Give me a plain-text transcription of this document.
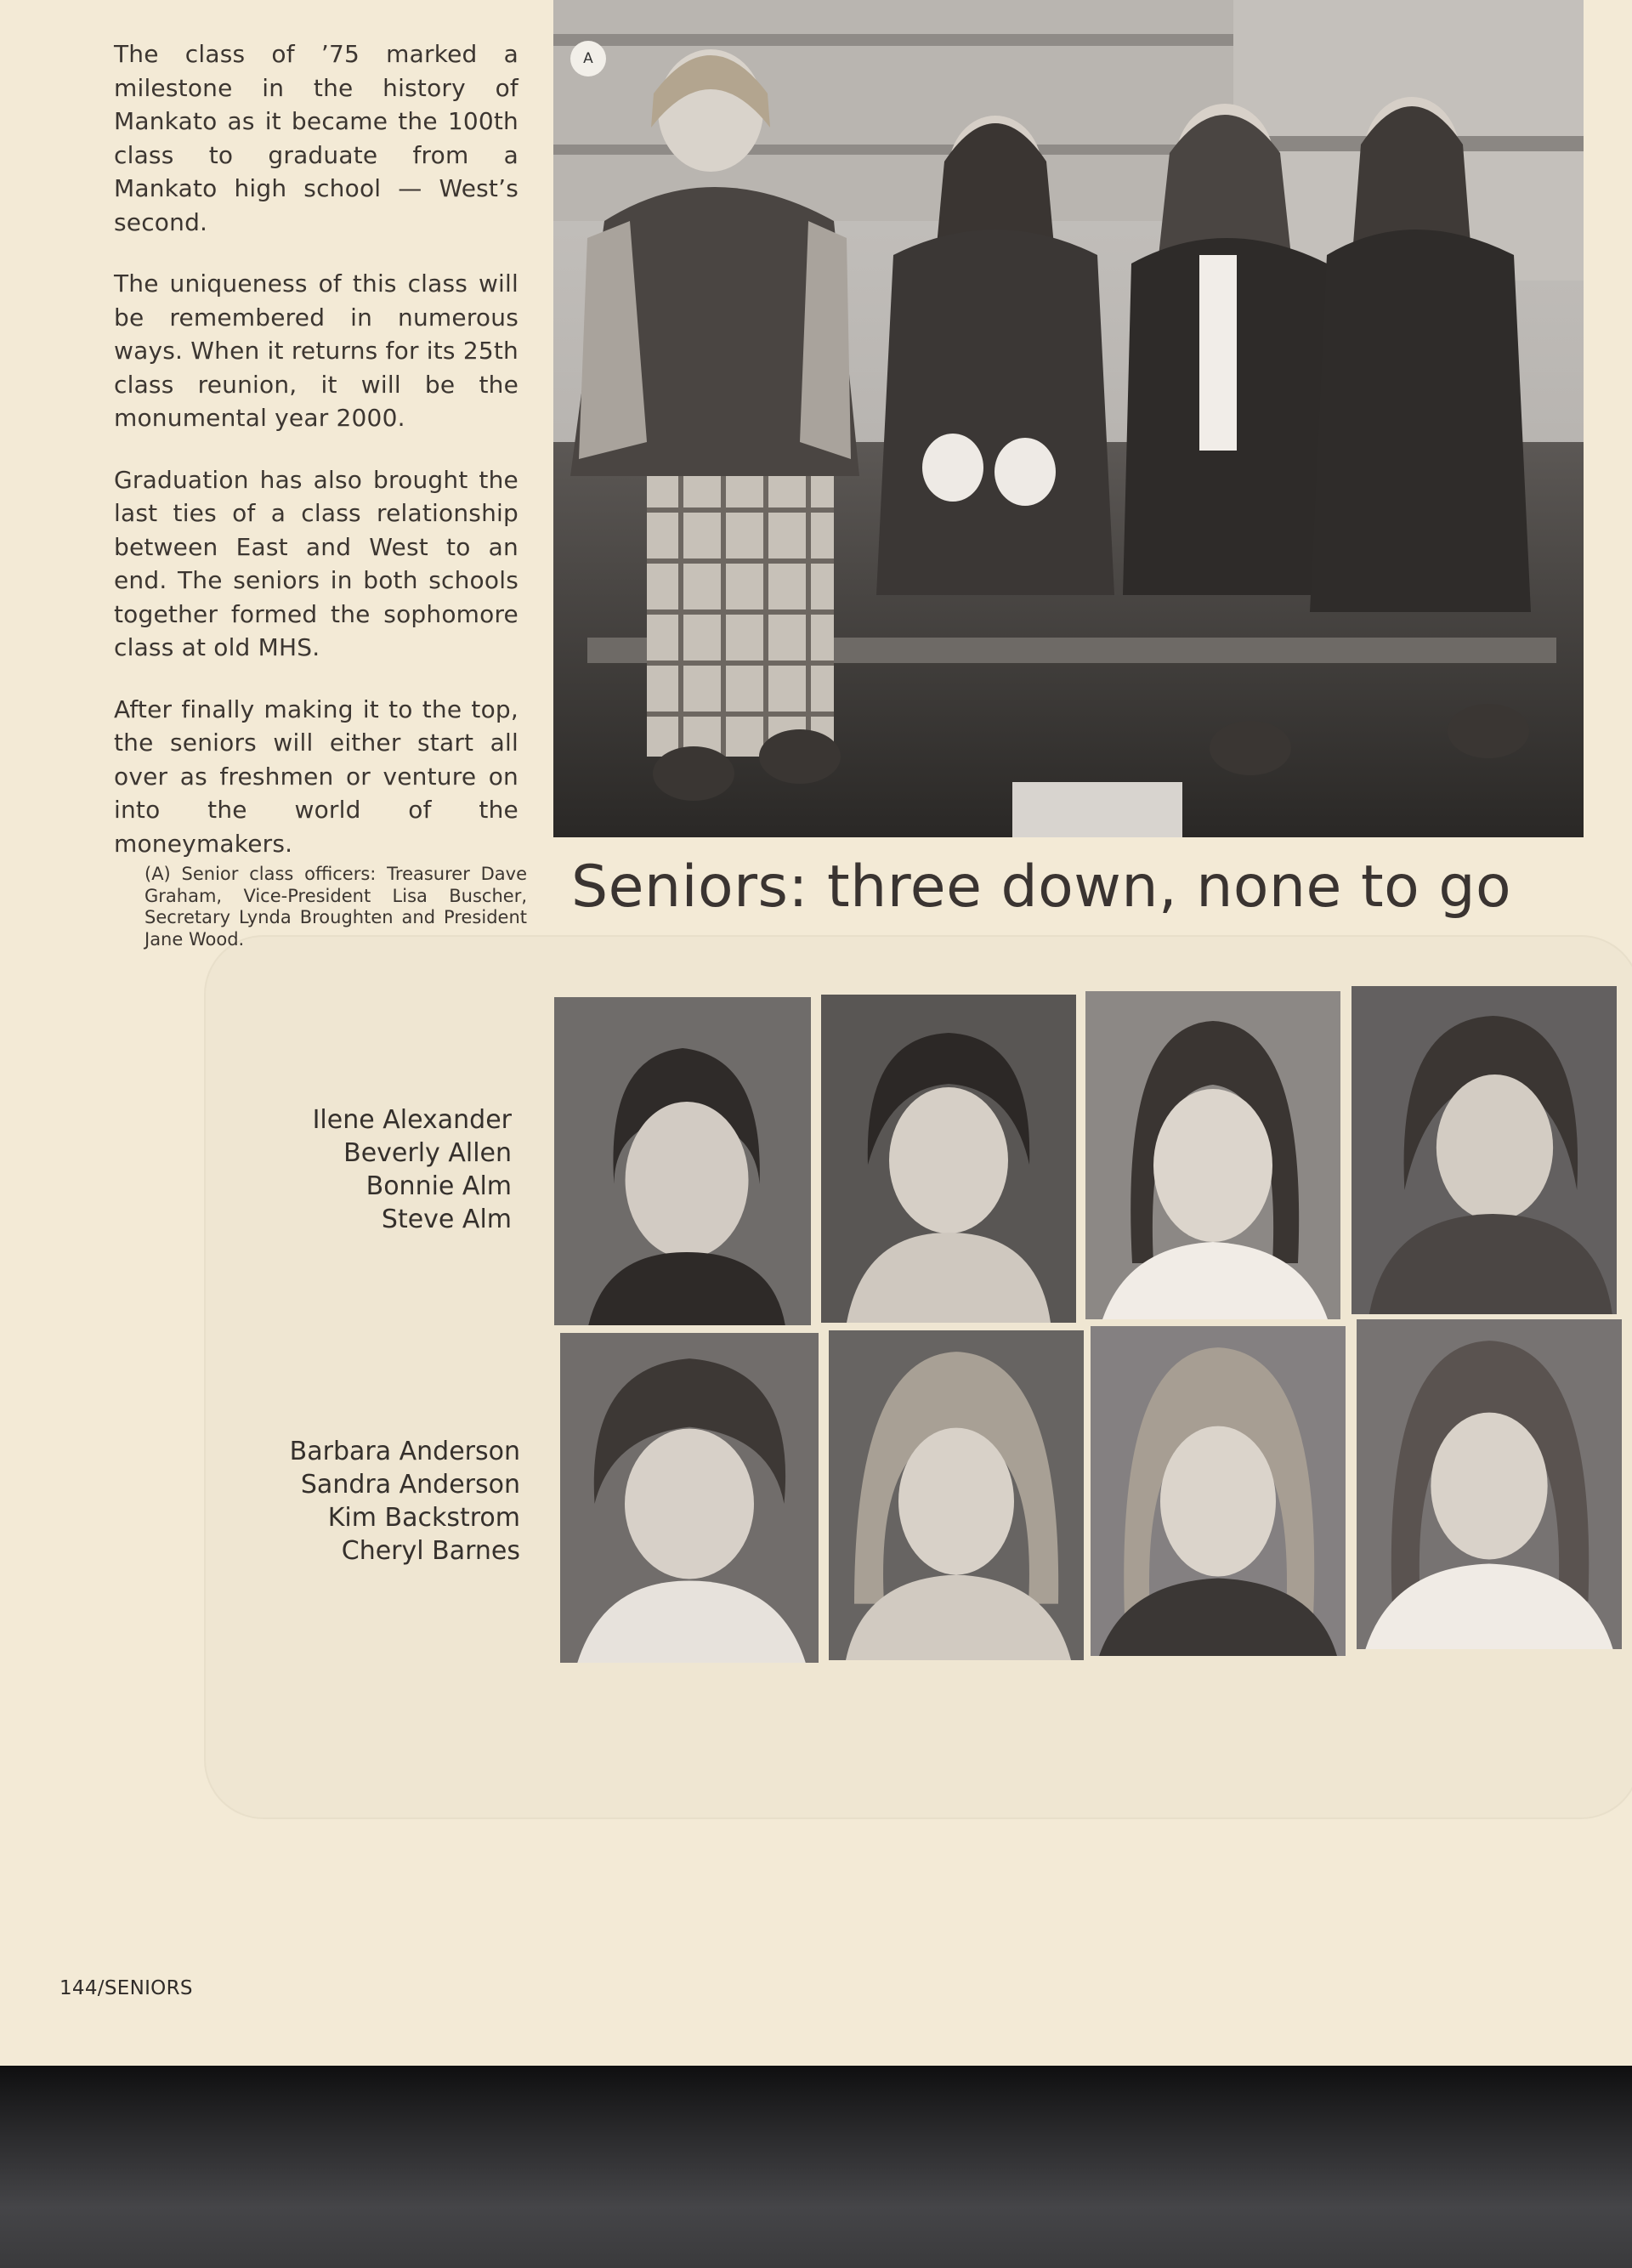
The class of ’75 marked a milestone in the history of Mankato as it became the 100th class to graduate from a Mankato high school — West’s second.

The uniqueness of this class will be remembered in numerous ways. When it returns for its 25th class reunion, it will be the monumental year 2000.

Graduation has also brought the last ties of a class relationship between East and West to an end. The seniors in both schools together formed the sophomore class at old MHS.

After finally making it to the top, the seniors will either start all over as freshmen or venture on into the world of the moneymakers.

A
(A) Senior class officers: Treasurer Dave Graham, Vice-President Lisa Buscher, Secretary Lynda Broughten and President Jane Wood.
Seniors: three down, none to go
Ilene Alexander
Beverly Allen
Bonnie Alm
Steve Alm
Barbara Anderson
Sandra Anderson
Kim Backstrom
Cheryl Barnes
144/SENIORS
